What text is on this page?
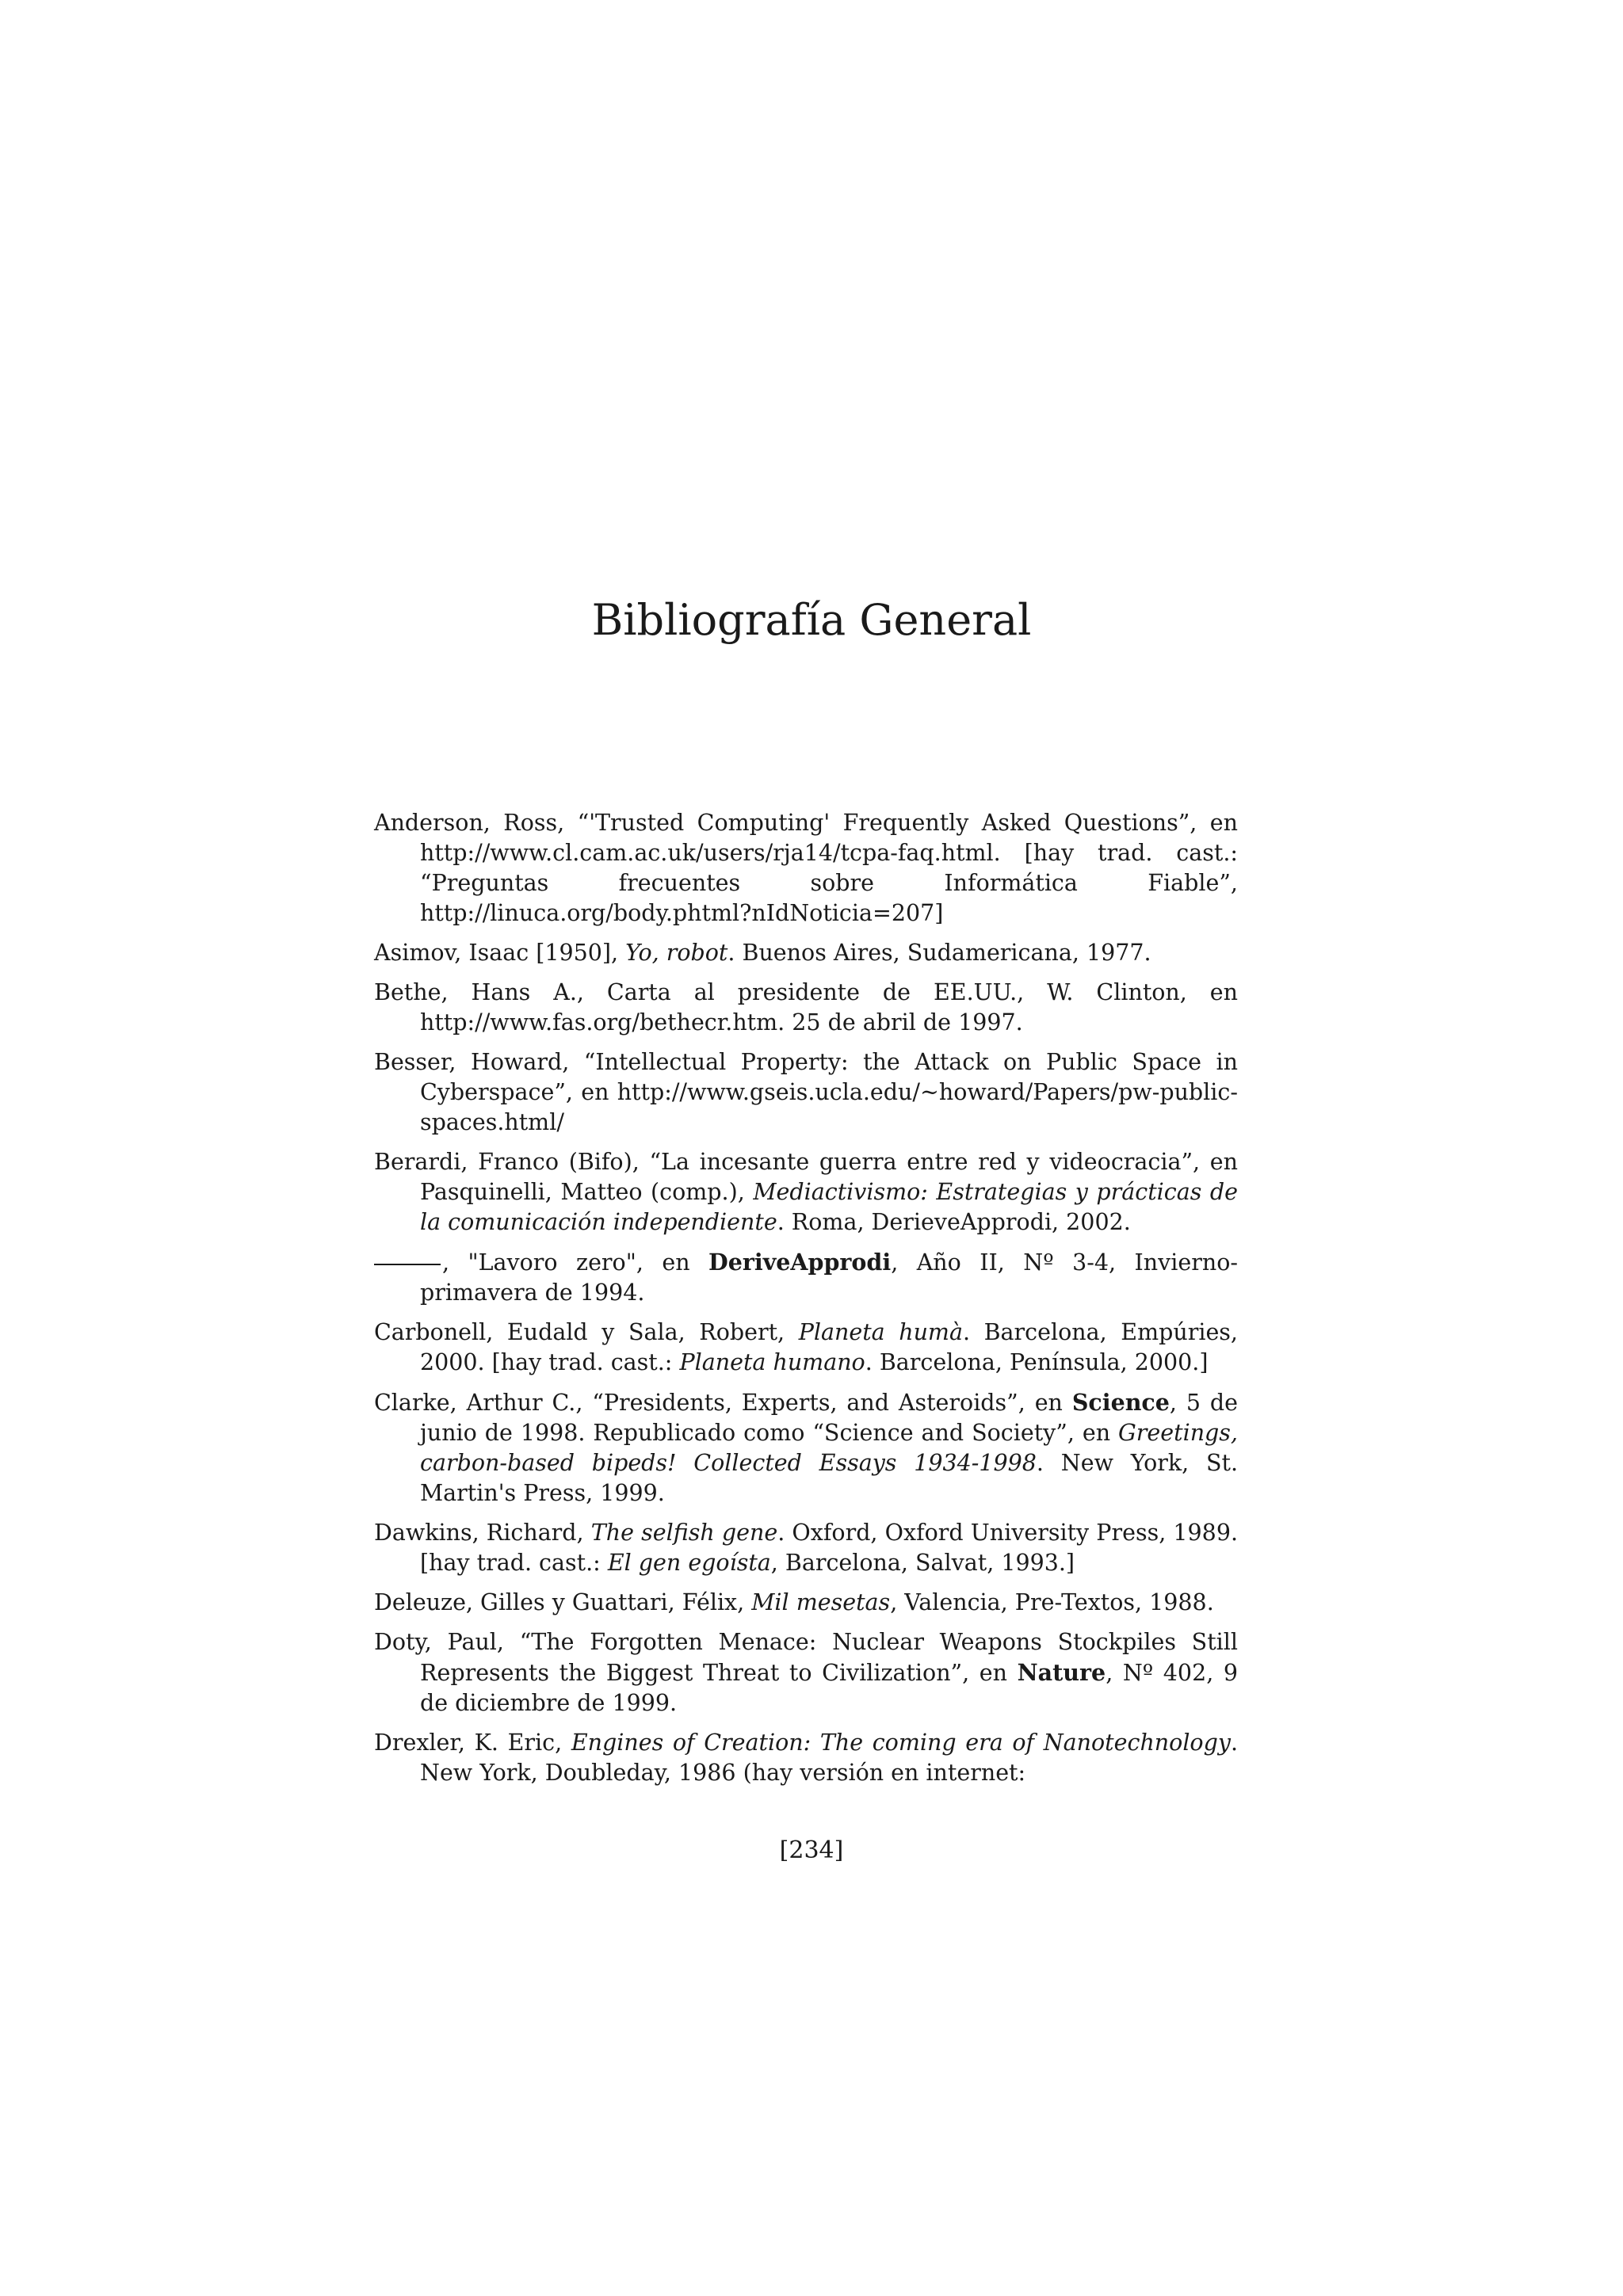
Bibliografía General

Anderson, Ross, “'Trusted Computing' Frequently Asked Questions”, en http://www.cl.cam.ac.uk/users/rja14/tcpa-faq.html. [hay trad. cast.: “Preguntas frecuentes sobre Informática Fiable”, http://linuca.org/body.phtml?nIdNoticia=207]

Asimov, Isaac [1950], Yo, robot. Buenos Aires, Sudamericana, 1977.

Bethe, Hans A., Carta al presidente de EE.UU., W. Clinton, en http://www.fas.org/bethecr.htm. 25 de abril de 1997.

Besser, Howard, “Intellectual Property: the Attack on Public Space in Cyberspace”, en http://www.gseis.ucla.edu/~howard/Papers/pw-public-spaces.html/

Berardi, Franco (Bifo), “La incesante guerra entre red y videocracia”, en Pasquinelli, Matteo (comp.), Mediactivismo: Estrategias y prácticas de la comunicación independiente. Roma, DerieveApprodi, 2002.

, "Lavoro zero", en DeriveApprodi, Año II, Nº 3-4, Invierno-primavera de 1994.

Carbonell, Eudald y Sala, Robert, Planeta humà. Barcelona, Empúries, 2000. [hay trad. cast.: Planeta humano. Barcelona, Península, 2000.]

Clarke, Arthur C., “Presidents, Experts, and Asteroids”, en Science, 5 de junio de 1998. Republicado como “Science and Society”, en Greetings, carbon-based bipeds! Collected Essays 1934-1998. New York, St. Martin's Press, 1999.

Dawkins, Richard, The selfish gene. Oxford, Oxford University Press, 1989. [hay trad. cast.: El gen egoísta, Barcelona, Salvat, 1993.]

Deleuze, Gilles y Guattari, Félix, Mil mesetas, Valencia, Pre-Textos, 1988.

Doty, Paul, “The Forgotten Menace: Nuclear Weapons Stockpiles Still Represents the Biggest Threat to Civilization”, en Nature, Nº 402, 9 de diciembre de 1999.

Drexler, K. Eric, Engines of Creation: The coming era of Nanotechnology. New York, Doubleday, 1986 (hay versión en internet:

[234]
